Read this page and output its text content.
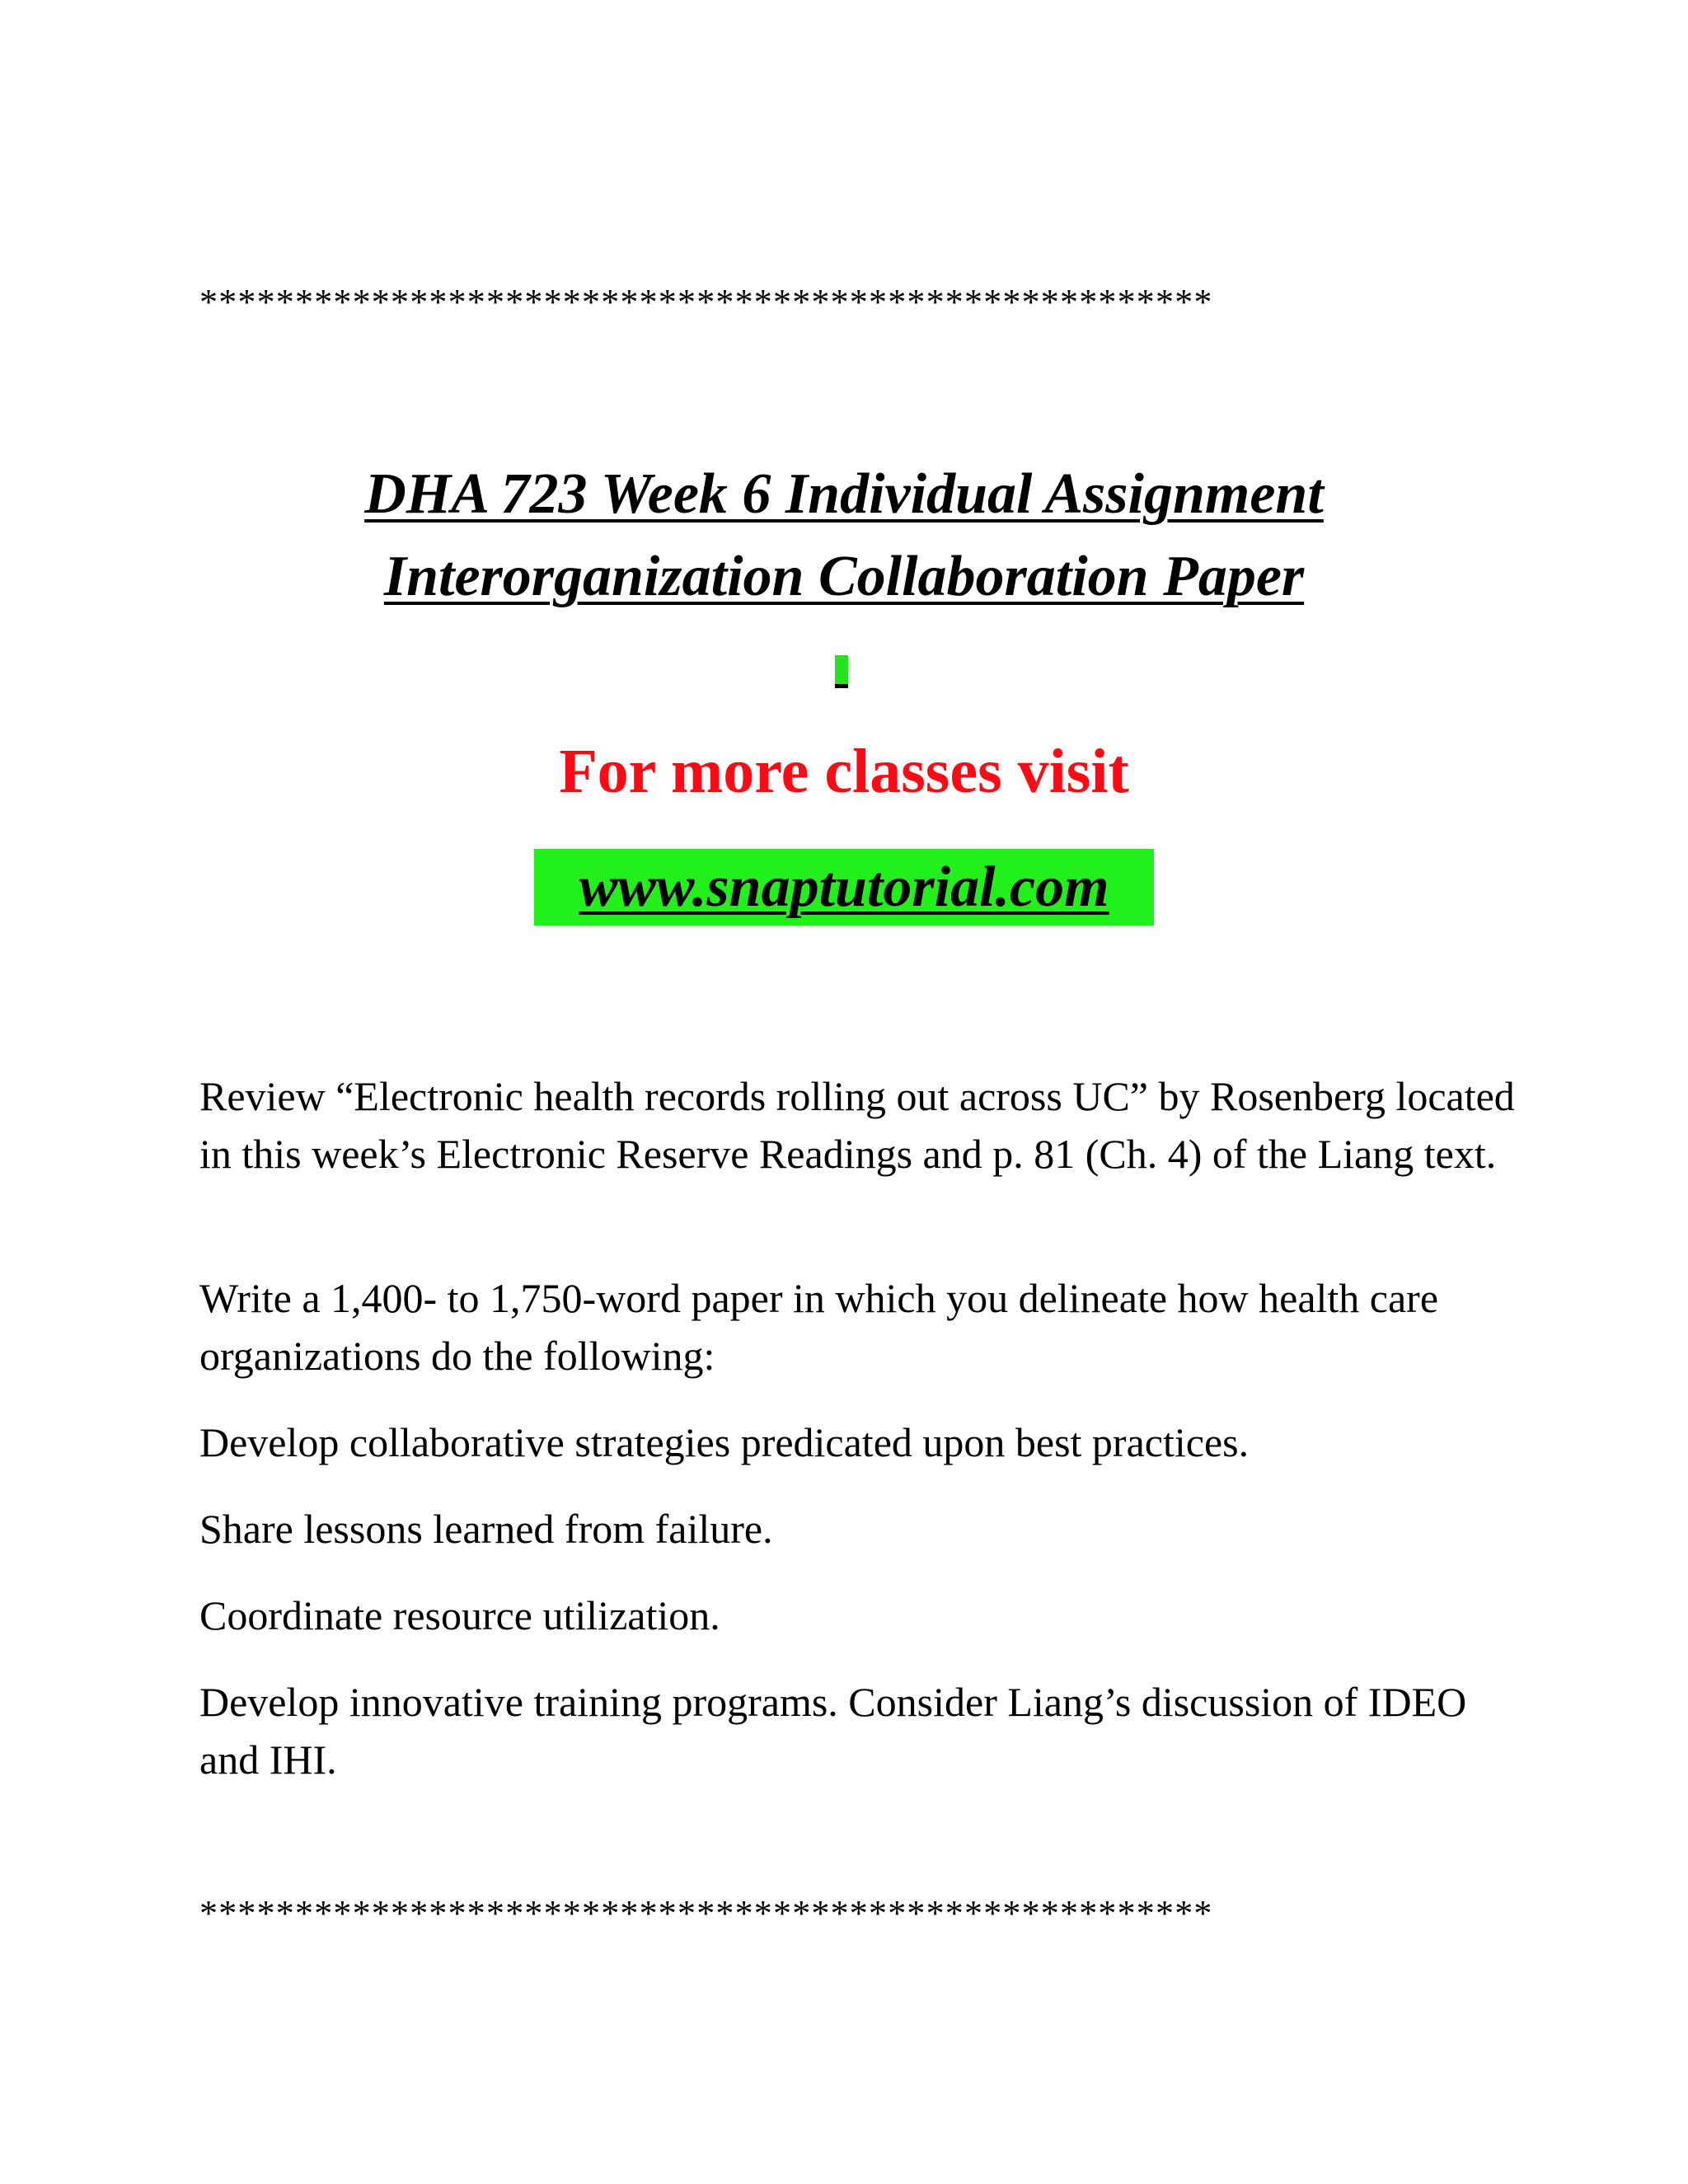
*****************************************************
DHA 723 Week 6 Individual Assignment
Interorganization Collaboration Paper
For more classes visit
www.snaptutorial.com

Review “Electronic health records rolling out across UC” by Rosenberg located in this week’s Electronic Reserve Readings and p. 81 (Ch. 4) of the Liang text.

Write a 1,400- to 1,750-word paper in which you delineate how health care organizations do the following:

Develop collaborative strategies predicated upon best practices.

Share lessons learned from failure.

Coordinate resource utilization.

Develop innovative training programs. Consider Liang’s discussion of IDEO and IHI.

*****************************************************
